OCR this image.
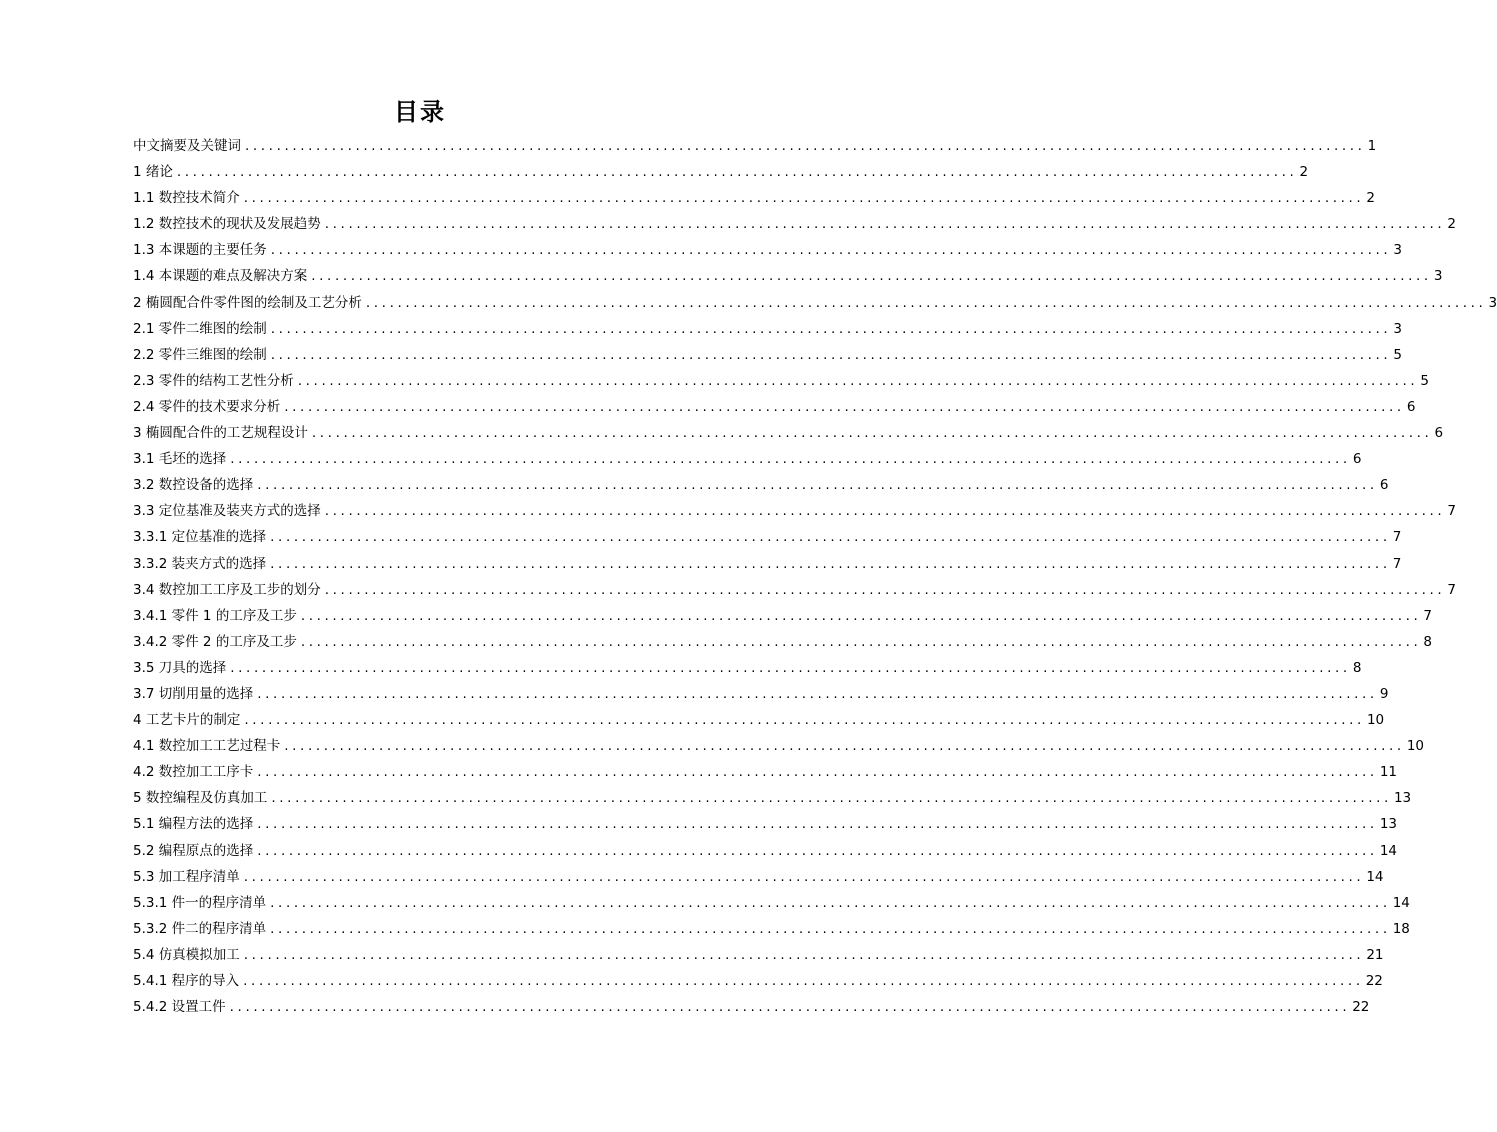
目录
中文摘要及关键词 .............................................................................................................................................. 1
1 绪论 .............................................................................................................................................. 2
1.1 数控技术简介 .............................................................................................................................................. 2
1.2 数控技术的现状及发展趋势 .............................................................................................................................................. 2
1.3 本课题的主要任务 .............................................................................................................................................. 3
1.4 本课题的难点及解决方案 .............................................................................................................................................. 3
2 椭圆配合件零件图的绘制及工艺分析 .............................................................................................................................................. 3
2.1 零件二维图的绘制 .............................................................................................................................................. 3
2.2 零件三维图的绘制 .............................................................................................................................................. 5
2.3 零件的结构工艺性分析 .............................................................................................................................................. 5
2.4 零件的技术要求分析 .............................................................................................................................................. 6
3 椭圆配合件的工艺规程设计 .............................................................................................................................................. 6
3.1 毛坯的选择 .............................................................................................................................................. 6
3.2 数控设备的选择 .............................................................................................................................................. 6
3.3 定位基准及装夹方式的选择 .............................................................................................................................................. 7
3.3.1 定位基准的选择 .............................................................................................................................................. 7
3.3.2 装夹方式的选择 .............................................................................................................................................. 7
3.4 数控加工工序及工步的划分 .............................................................................................................................................. 7
3.4.1 零件 1 的工序及工步 .............................................................................................................................................. 7
3.4.2 零件 2 的工序及工步 .............................................................................................................................................. 8
3.5 刀具的选择 .............................................................................................................................................. 8
3.7 切削用量的选择 .............................................................................................................................................. 9
4 工艺卡片的制定 .............................................................................................................................................. 10
4.1 数控加工工艺过程卡 .............................................................................................................................................. 10
4.2 数控加工工序卡 .............................................................................................................................................. 11
5 数控编程及仿真加工 .............................................................................................................................................. 13
5.1 编程方法的选择 .............................................................................................................................................. 13
5.2 编程原点的选择 .............................................................................................................................................. 14
5.3 加工程序清单 .............................................................................................................................................. 14
5.3.1 件一的程序清单 .............................................................................................................................................. 14
5.3.2 件二的程序清单 .............................................................................................................................................. 18
5.4 仿真模拟加工 .............................................................................................................................................. 21
5.4.1 程序的导入 .............................................................................................................................................. 22
5.4.2 设置工件 .............................................................................................................................................. 22
